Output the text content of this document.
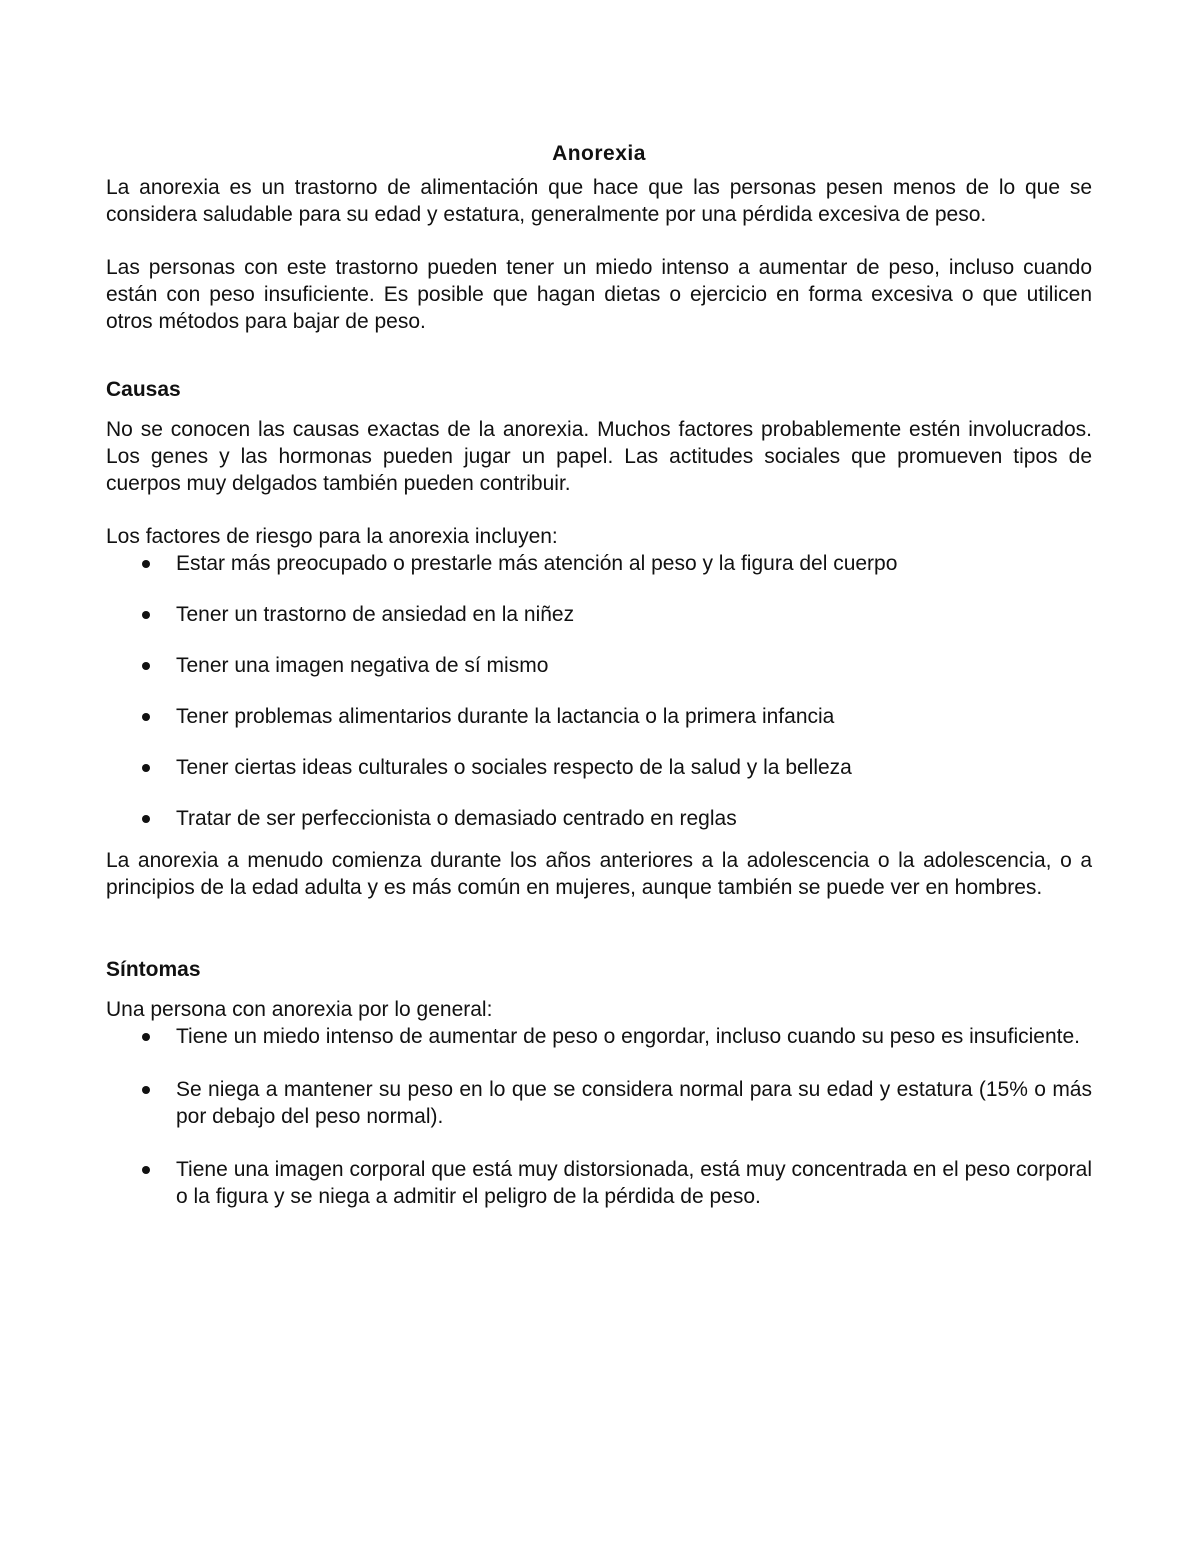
Anorexia

La anorexia es un trastorno de alimentación que hace que las personas pesen menos de lo que se considera saludable para su edad y estatura, generalmente por una pérdida excesiva de peso.

Las personas con este trastorno pueden tener un miedo intenso a aumentar de peso, incluso cuando están con peso insuficiente. Es posible que hagan dietas o ejercicio en forma excesiva o que utilicen otros métodos para bajar de peso.

Causas

No se conocen las causas exactas de la anorexia. Muchos factores probablemente estén involucrados. Los genes y las hormonas pueden jugar un papel. Las actitudes sociales que promueven tipos de cuerpos muy delgados también pueden contribuir.

Los factores de riesgo para la anorexia incluyen:

Estar más preocupado o prestarle más atención al peso y la figura del cuerpo
Tener un trastorno de ansiedad en la niñez
Tener una imagen negativa de sí mismo
Tener problemas alimentarios durante la lactancia o la primera infancia
Tener ciertas ideas culturales o sociales respecto de la salud y la belleza
Tratar de ser perfeccionista o demasiado centrado en reglas

La anorexia a menudo comienza durante los años anteriores a la adolescencia o la adolescencia, o a principios de la edad adulta y es más común en mujeres, aunque también se puede ver en hombres.

Síntomas

Una persona con anorexia por lo general:

Tiene un miedo intenso de aumentar de peso o engordar, incluso cuando su peso es insuficiente.
Se niega a mantener su peso en lo que se considera normal para su edad y estatura (15% o más por debajo del peso normal).
Tiene una imagen corporal que está muy distorsionada, está muy concentrada en el peso corporal o la figura y se niega a admitir el peligro de la pérdida de peso.
